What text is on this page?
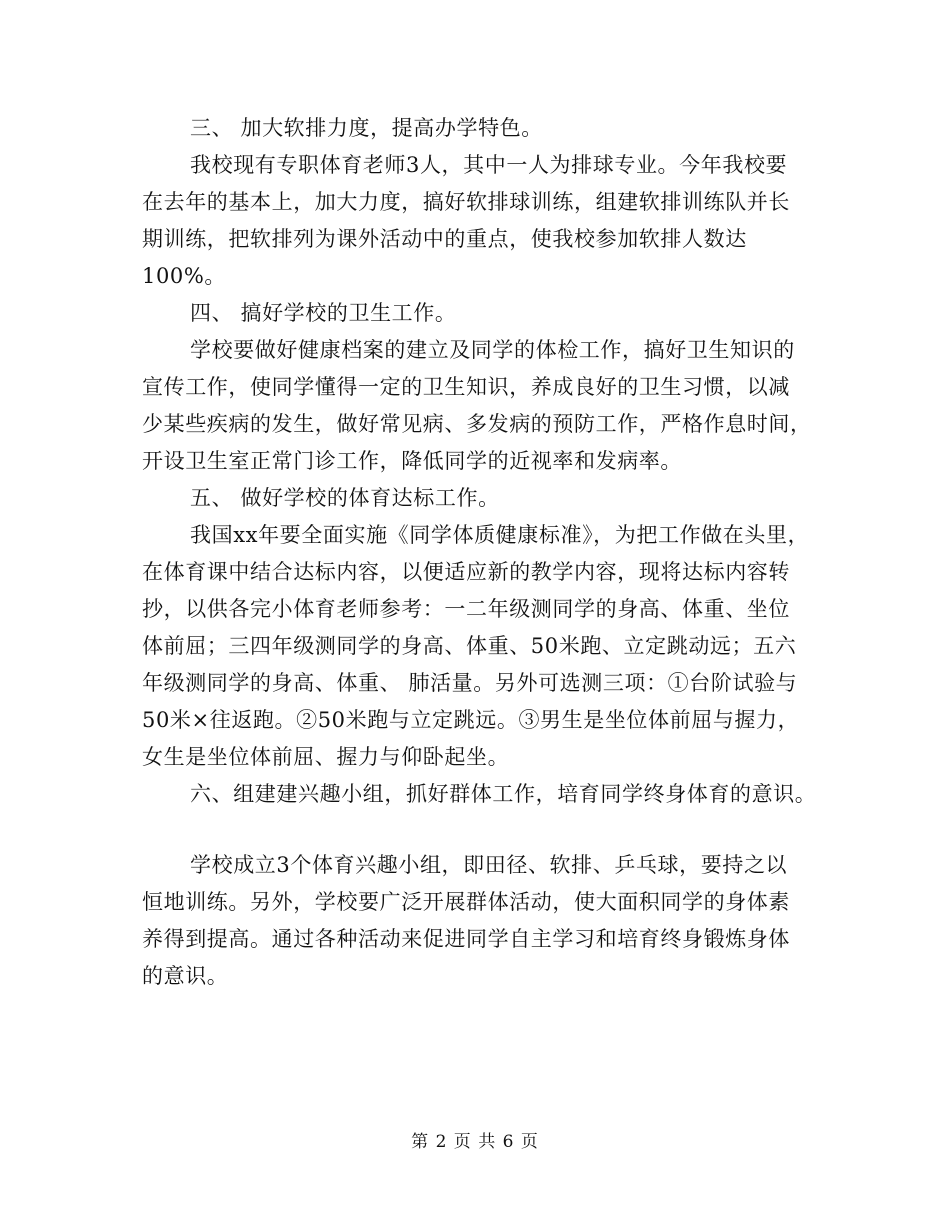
三、 加大软排力度，提高办学特色。
我校现有专职体育老师3人，其中一人为排球专业。今年我校要
在去年的基本上，加大力度，搞好软排球训练，组建软排训练队并长
期训练，把软排列为课外活动中的重点，使我校参加软排人数达
100%。
四、 搞好学校的卫生工作。
学校要做好健康档案的建立及同学的体检工作，搞好卫生知识的
宣传工作，使同学懂得一定的卫生知识，养成良好的卫生习惯，以减
少某些疾病的发生，做好常见病、多发病的预防工作，严格作息时间，
开设卫生室正常门诊工作，降低同学的近视率和发病率。
五、 做好学校的体育达标工作。
我国xx年要全面实施《同学体质健康标准》，为把工作做在头里，
在体育课中结合达标内容，以便适应新的教学内容，现将达标内容转
抄，以供各完小体育老师参考：一二年级测同学的身高、体重、坐位
体前屈；三四年级测同学的身高、体重、50米跑、立定跳动远；五六
年级测同学的身高、体重、 肺活量。另外可选测三项：①台阶试验与
50米×往返跑。②50米跑与立定跳远。③男生是坐位体前屈与握力，
女生是坐位体前屈、握力与仰卧起坐。
六、组建建兴趣小组，抓好群体工作，培育同学终身体育的意识。
学校成立3个体育兴趣小组，即田径、软排、乒乓球，要持之以
恒地训练。另外，学校要广泛开展群体活动，使大面积同学的身体素
养得到提高。通过各种活动来促进同学自主学习和培育终身锻炼身体
的意识。
第 2 页 共 6 页
